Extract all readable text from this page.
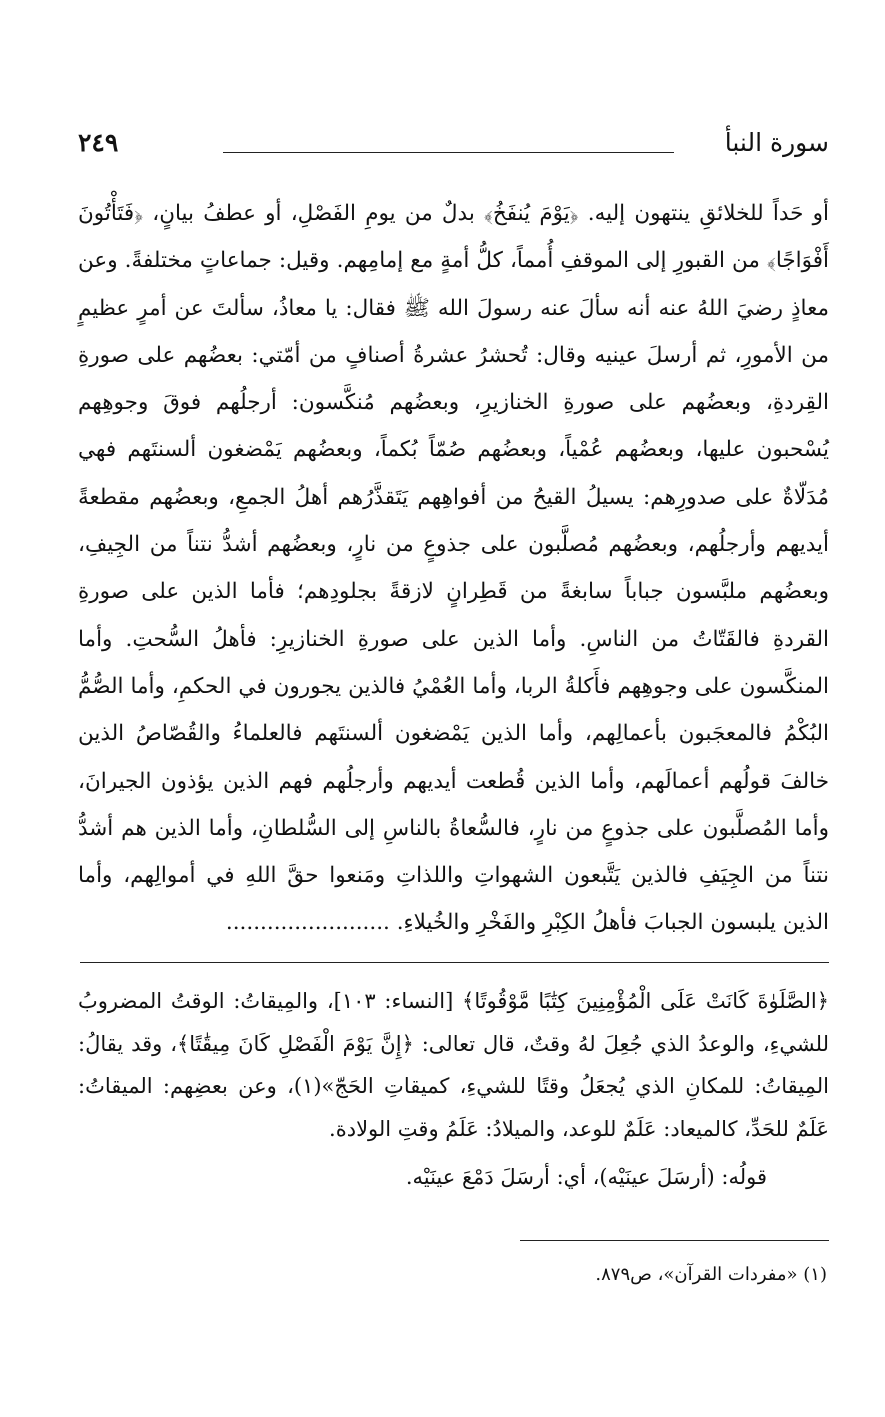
سورة النبأ
٢٤٩

أو حَداً للخلائقِ ينتهون إليه. ﴿يَوْمَ يُنفَخُ﴾ بدلٌ من يومِ الفَصْلِ، أو عطفُ بيانٍ، ﴿فَتَأْتُونَ أَفْوَاجًا﴾ من القبورِ إلى الموقفِ أُمماً، كلُّ أمةٍ مع إمامِهم. وقيل: جماعاتٍ مختلفةً. وعن معاذٍ رضيَ اللهُ عنه أنه سألَ عنه رسولَ الله ﷺ فقال: يا معاذُ، سألتَ عن أمرٍ عظيمٍ من الأمورِ، ثم أرسلَ عينيه وقال: تُحشرُ عشرةُ أصنافٍ من أمّتي: بعضُهم على صورةِ القِردةِ، وبعضُهم على صورةِ الخنازيرِ، وبعضُهم مُنكَّسون: أرجلُهم فوقَ وجوهِهم يُسْحبون عليها، وبعضُهم عُمْياً، وبعضُهم صُمّاً بُكماً، وبعضُهم يَمْضغون ألسنتَهم فهي مُدَلّاةٌ على صدورِهم: يسيلُ القيحُ من أفواهِهم يَتَقذَّرُهم أهلُ الجمعِ، وبعضُهم مقطعةً أيديهم وأرجلُهم، وبعضُهم مُصلَّبون على جذوعٍ من نارٍ، وبعضُهم أشدُّ نتناً من الجِيفِ، وبعضُهم ملبَّسون جباباً سابغةً من قَطِرانٍ لازقةً بجلودِهم؛ فأما الذين على صورةِ القردةِ فالقَتّاتُ من الناسِ. وأما الذين على صورةِ الخنازيرِ: فأهلُ السُّحتِ. وأما المنكَّسون على وجوهِهم فأَكلةُ الربا، وأما العُمْيُ فالذين يجورون في الحكمِ، وأما الصُّمُّ البُكْمُ فالمعجَبون بأعمالِهم، وأما الذين يَمْضغون ألسنتَهم فالعلماءُ والقُصّاصُ الذين خالفَ قولُهم أعمالَهم، وأما الذين قُطعت أيديهم وأرجلُهم فهم الذين يؤذون الجيرانَ، وأما المُصلَّبون على جذوعٍ من نارٍ، فالسُّعاةُ بالناسِ إلى السُّلطانِ، وأما الذين هم أشدُّ نتناً من الجِيَفِ فالذين يَتَّبعون الشهواتِ واللذاتِ ومَنعوا حقَّ اللهِ في أموالِهم، وأما الذين يلبسون الجبابَ فأهلُ الكِبْرِ والفَخْرِ والخُيلاءِ. ........................

﴿الصَّلَوٰةَ كَانَتْ عَلَى الْمُؤْمِنِينَ كِتَٰبًا مَّوْقُوتًا﴾ [النساء: ١٠٣]، والمِيقاتُ: الوقتُ المضروبُ للشيءِ، والوعدُ الذي جُعِلَ لهُ وقتٌ، قال تعالى: ﴿إِنَّ يَوْمَ الْفَصْلِ كَانَ مِيقَٰتًا﴾، وقد يقالُ: المِيقاتُ: للمكانِ الذي يُجعَلُ وقتًا للشيءِ، كميقاتِ الحَجّ»(١)، وعن بعضِهم: الميقاتُ: عَلَمٌ للحَدِّ، كالميعاد: عَلَمٌ للوعد، والميلادُ: عَلَمُ وقتِ الولادة.

قولُه: (أرسَلَ عينَيْه)، أي: أرسَلَ دَمْعَ عينَيْه.

(١) «مفردات القرآن»، ص٨٧٩.
